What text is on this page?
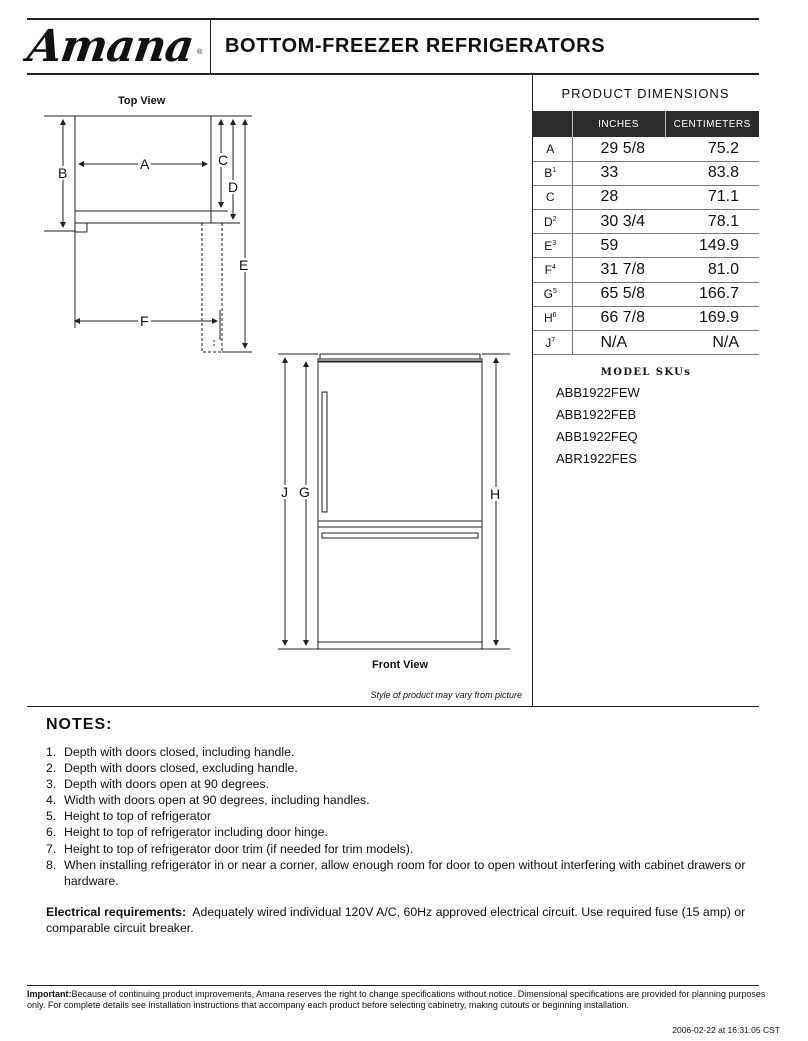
Amana ® BOTTOM-FREEZER REFRIGERATORS
PRODUCT DIMENSIONS
	INCHES	CENTIMETERS
A	29 5/8	75.2
$B^1$	33	83.8
C	28	71.1
$D^2$	30 3/4	78.1
$E^3$	59	149.9
$F^4$	31 7/8	81.0
$G^5$	65 5/8	166.7
$H^6$	66 7/8	169.9
$J^7$	N/A	N/A
MODEL SKUs
ABB1922FEW
ABB1922FEB
ABB1922FEQ
ABR1922FES
Top View
B
A	C
D
E
F
J G	H
Front View
Style of product may vary from picture
NOTES:
1. Depth with doors closed, including handle.
2. Depth with doors closed, excluding handle.
3. Depth with doors open at 90 degrees.
4. Width with doors open at 90 degrees, including handles.
5. Height to top of refrigerator
6. Height to top of refrigerator including door hinge.
7. Height to top of refrigerator door trim (if needed for trim models).
8. When installing refrigerator in or near a corner, allow enough room for door to open without interfering with cabinet drawers or hardware.
Electrical requirements: Adequately wired individual 120V A/C, 60Hz approved electrical circuit. Use required fuse (15 amp) or comparable circuit breaker.
Important:Because of continuing product improvements, Amana reserves the right to change specifications without notice. Dimensional specifications are provided for planning purposes only. For complete details see installation instructions that accompany each product before selecting cabinetry, making cutouts or beginning installation.
2006-02-22 at 16:31:05 CST
